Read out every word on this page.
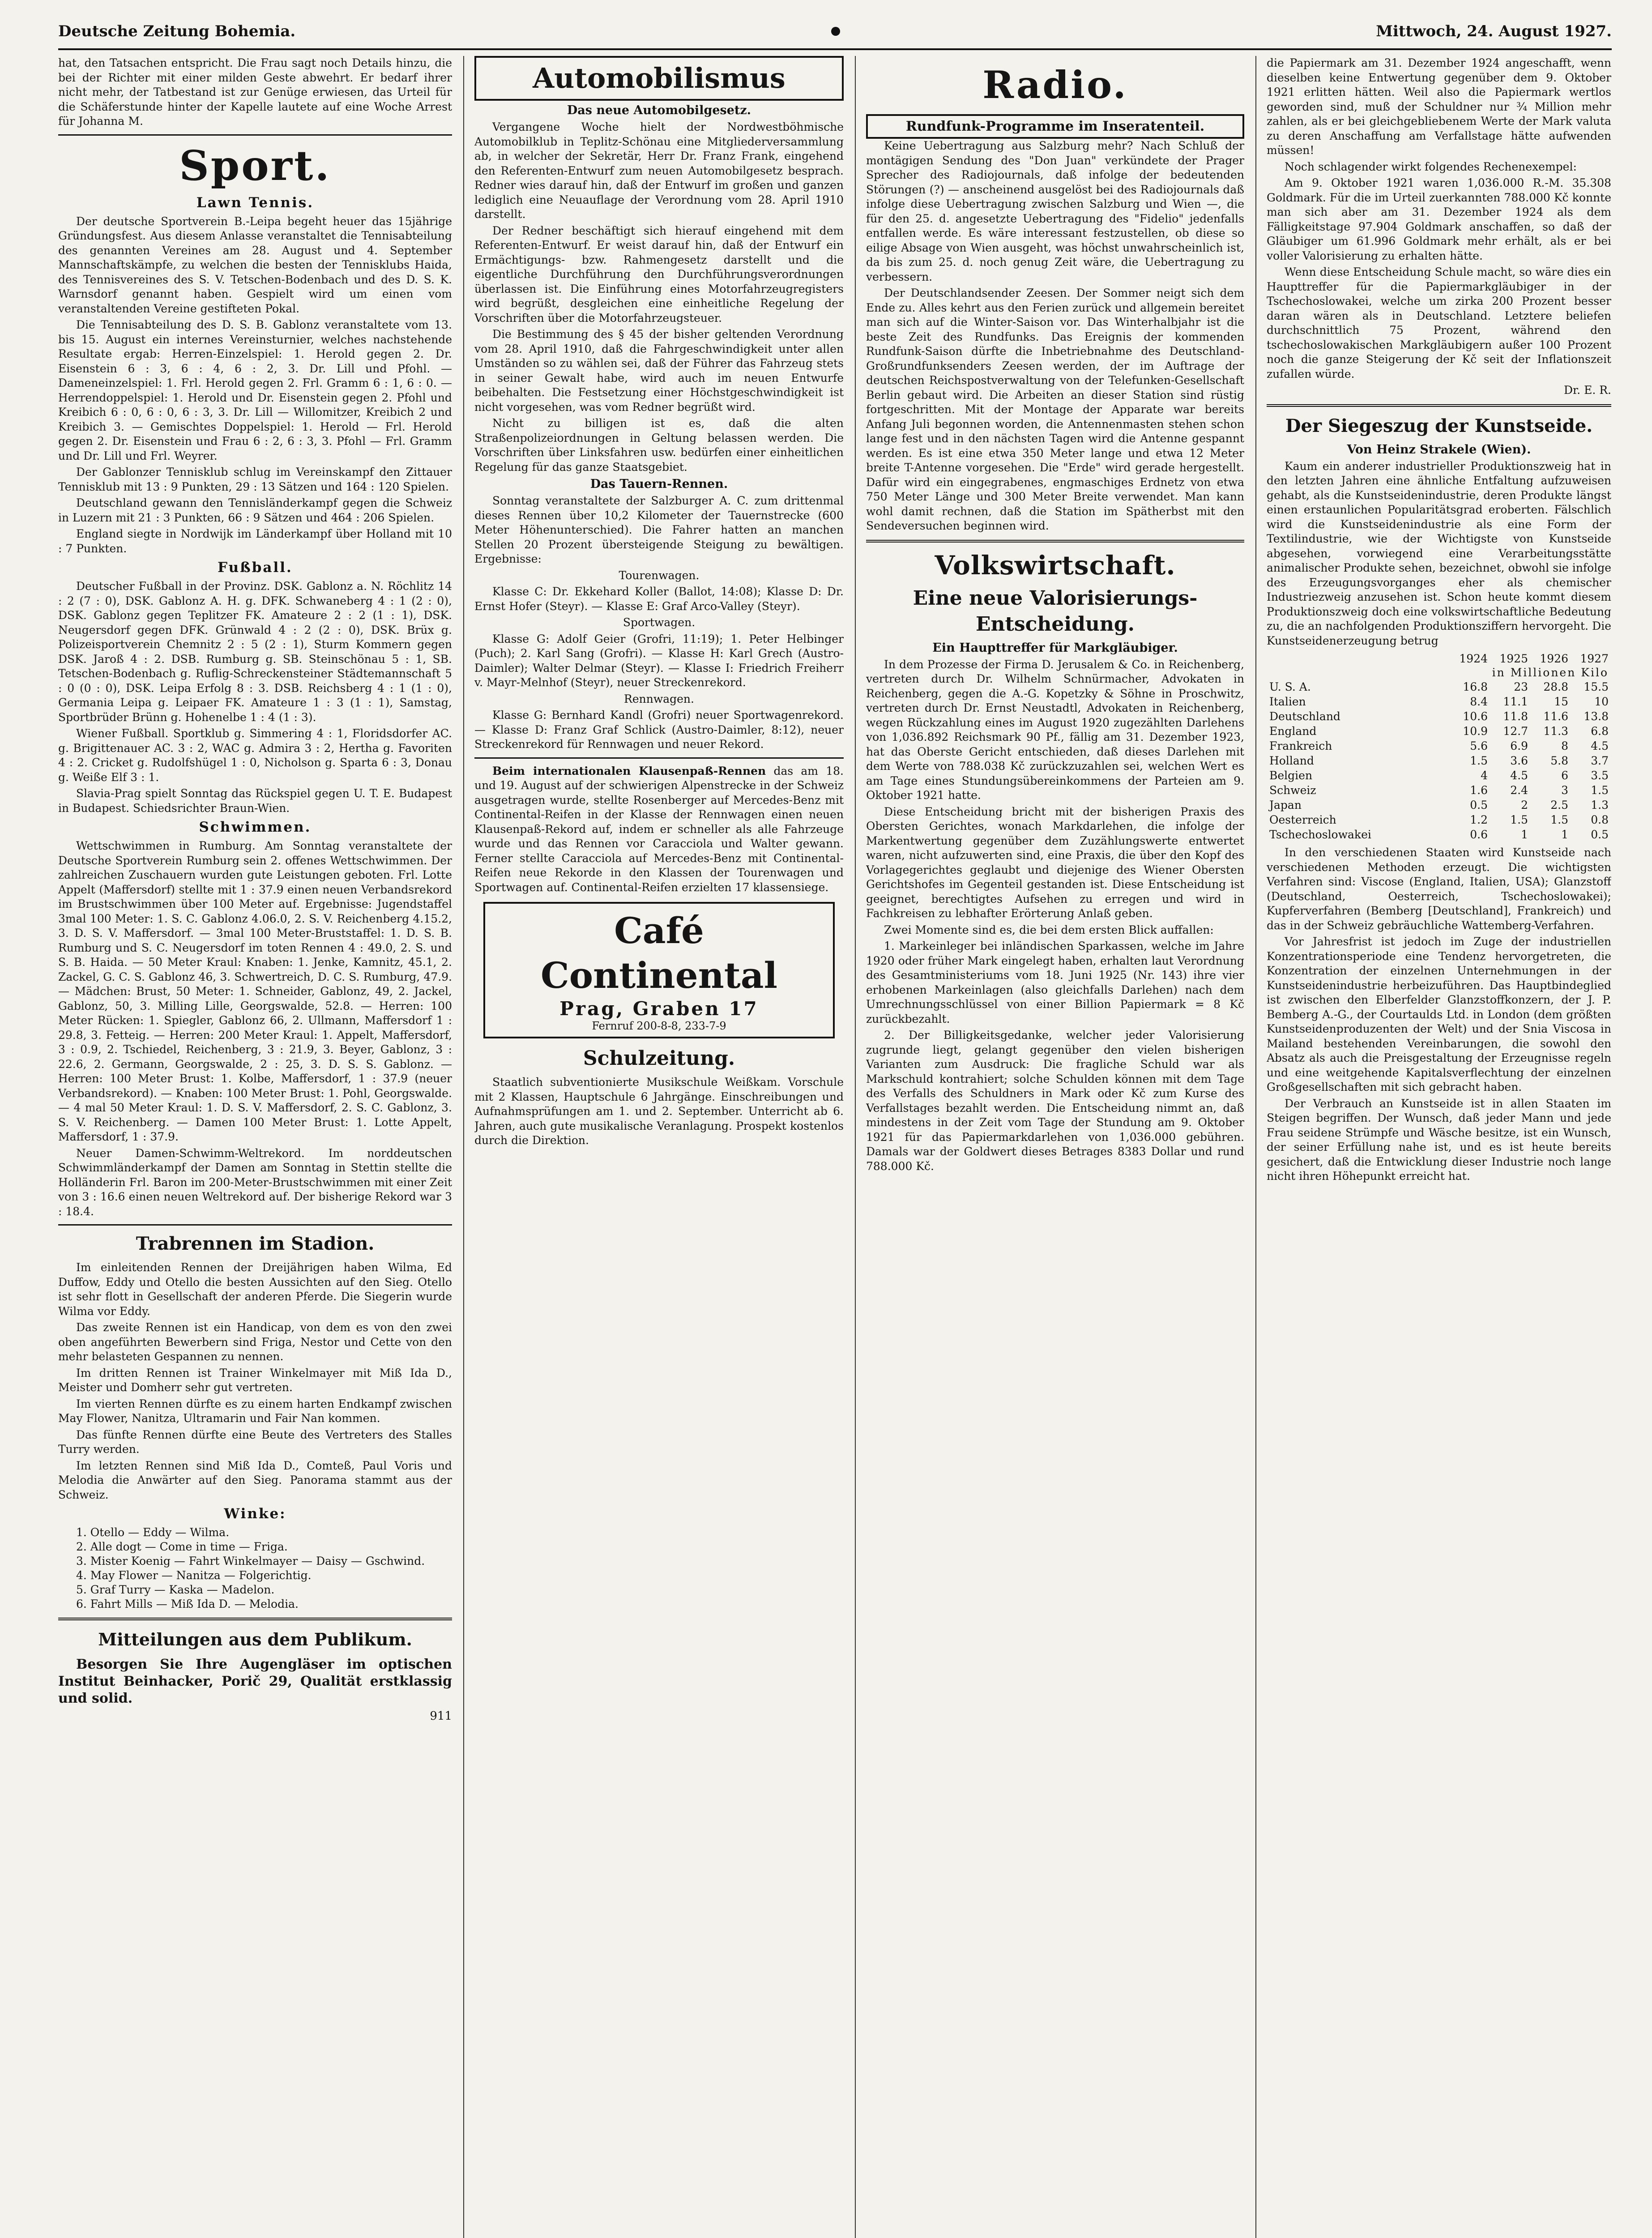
Deutsche Zeitung Bohemia.	Mittwoch, 24. August 1927.

hat, den Tatsachen entspricht. Die Frau sagt noch Details hinzu, die bei der Richter mit einer milden Geste abwehrt. Er bedarf ihrer nicht mehr, der Tatbestand ist zur Genüge erwiesen, das Urteil für die Schäferstunde hinter der Kapelle lautete auf eine Woche Arrest für Johanna M.

Sport.
Lawn Tennis.

Der deutsche Sportverein B.-Leipa begeht heuer das 15jährige Gründungsfest. Aus diesem Anlasse veranstaltet die Tennisabteilung des genannten Vereines am 28. August und 4. September Mannschaftskämpfe, zu welchen die besten der Tennisklubs Haida, des Tennisvereines des S. V. Tetschen-Bodenbach und des D. S. K. Warnsdorf genannt haben. Gespielt wird um einen vom veranstaltenden Vereine gestifteten Pokal.

Die Tennisabteilung des D. S. B. Gablonz veranstaltete vom 13. bis 15. August ein internes Vereinsturnier, welches nachstehende Resultate ergab: Herren-Einzelspiel: 1. Herold gegen 2. Dr. Eisenstein 6 : 3, 6 : 4, 6 : 2, 3. Dr. Lill und Pfohl. — Dameneinzelspiel: 1. Frl. Herold gegen 2. Frl. Gramm 6 : 1, 6 : 0. — Herrendoppelspiel: 1. Herold und Dr. Eisenstein gegen 2. Pfohl und Kreibich 6 : 0, 6 : 0, 6 : 3, 3. Dr. Lill — Willomitzer, Kreibich 2 und Kreibich 3. — Gemischtes Doppelspiel: 1. Herold — Frl. Herold gegen 2. Dr. Eisenstein und Frau 6 : 2, 6 : 3, 3. Pfohl — Frl. Gramm und Dr. Lill und Frl. Weyrer.

Der Gablonzer Tennisklub schlug im Vereinskampf den Zittauer Tennisklub mit 13 : 9 Punkten, 29 : 13 Sätzen und 164 : 120 Spielen.

Deutschland gewann den Tennisländerkampf gegen die Schweiz in Luzern mit 21 : 3 Punkten, 66 : 9 Sätzen und 464 : 206 Spielen.

England siegte in Nordwijk im Länderkampf über Holland mit 10 : 7 Punkten.

Fußball.

Deutscher Fußball in der Provinz. DSK. Gablonz a. N. Röchlitz 14 : 2 (7 : 0), DSK. Gablonz A. H. g. DFK. Schwaneberg 4 : 1 (2 : 0), DSK. Gablonz gegen Teplitzer FK. Amateure 2 : 2 (1 : 1), DSK. Neugersdorf gegen DFK. Grünwald 4 : 2 (2 : 0), DSK. Brüx g. Polizeisportverein Chemnitz 2 : 5 (2 : 1), Sturm Kommern gegen DSK. Jaroß 4 : 2. DSB. Rumburg g. SB. Steinschönau 5 : 1, SB. Tetschen-Bodenbach g. Ruflig-Schreckensteiner Städtemannschaft 5 : 0 (0 : 0), DSK. Leipa Erfolg 8 : 3. DSB. Reichsberg 4 : 1 (1 : 0), Germania Leipa g. Leipaer FK. Amateure 1 : 3 (1 : 1), Samstag, Sportbrüder Brünn g. Hohenelbe 1 : 4 (1 : 3).

Wiener Fußball. Sportklub g. Simmering 4 : 1, Floridsdorfer AC. g. Brigittenauer AC. 3 : 2, WAC g. Admira 3 : 2, Hertha g. Favoriten 4 : 2. Cricket g. Rudolfshügel 1 : 0, Nicholson g. Sparta 6 : 3, Donau g. Weiße Elf 3 : 1.

Slavia-Prag spielt Sonntag das Rückspiel gegen U. T. E. Budapest in Budapest. Schiedsrichter Braun-Wien.

Schwimmen.

Wettschwimmen in Rumburg. Am Sonntag veranstaltete der Deutsche Sportverein Rumburg sein 2. offenes Wettschwimmen. Der zahlreichen Zuschauern wurden gute Leistungen geboten. Frl. Lotte Appelt (Maffersdorf) stellte mit 1 : 37.9 einen neuen Verbandsrekord im Brustschwimmen über 100 Meter auf. Ergebnisse: Jugendstaffel 3mal 100 Meter: 1. S. C. Gablonz 4.06.0, 2. S. V. Reichenberg 4.15.2, 3. D. S. V. Maffersdorf. — 3mal 100 Meter-Bruststaffel: 1. D. S. B. Rumburg und S. C. Neugersdorf im toten Rennen 4 : 49.0, 2. S. und S. B. Haida. — 50 Meter Kraul: Knaben: 1. Jenke, Kamnitz, 45.1, 2. Zackel, G. C. S. Gablonz 46, 3. Schwertreich, D. C. S. Rumburg, 47.9. — Mädchen: Brust, 50 Meter: 1. Schneider, Gablonz, 49, 2. Jackel, Gablonz, 50, 3. Milling Lille, Georgswalde, 52.8. — Herren: 100 Meter Rücken: 1. Spiegler, Gablonz 66, 2. Ullmann, Maffersdorf 1 : 29.8, 3. Fetteig. — Herren: 200 Meter Kraul: 1. Appelt, Maffersdorf, 3 : 0.9, 2. Tschiedel, Reichenberg, 3 : 21.9, 3. Beyer, Gablonz, 3 : 22.6, 2. Germann, Georgswalde, 2 : 25, 3. D. S. S. Gablonz. — Herren: 100 Meter Brust: 1. Kolbe, Maffersdorf, 1 : 37.9 (neuer Verbandsrekord). — Knaben: 100 Meter Brust: 1. Pohl, Georgswalde. — 4 mal 50 Meter Kraul: 1. D. S. V. Maffersdorf, 2. S. C. Gablonz, 3. S. V. Reichenberg. — Damen 100 Meter Brust: 1. Lotte Appelt, Maffersdorf, 1 : 37.9.

Neuer Damen-Schwimm-Weltrekord. Im norddeutschen Schwimmländerkampf der Damen am Sonntag in Stettin stellte die Holländerin Frl. Baron im 200-Meter-Brustschwimmen mit einer Zeit von 3 : 16.6 einen neuen Weltrekord auf. Der bisherige Rekord war 3 : 18.4.

Trabrennen im Stadion.

Im einleitenden Rennen der Dreijährigen haben Wilma, Ed Duffow, Eddy und Otello die besten Aussichten auf den Sieg. Otello ist sehr flott in Gesellschaft der anderen Pferde. Die Siegerin wurde Wilma vor Eddy.

Das zweite Rennen ist ein Handicap, von dem es von den zwei oben angeführten Bewerbern sind Friga, Nestor und Cette von den mehr belasteten Gespannen zu nennen.

Im dritten Rennen ist Trainer Winkelmayer mit Miß Ida D., Meister und Domherr sehr gut vertreten.

Im vierten Rennen dürfte es zu einem harten Endkampf zwischen May Flower, Nanitza, Ultramarin und Fair Nan kommen.

Das fünfte Rennen dürfte eine Beute des Vertreters des Stalles Turry werden.

Im letzten Rennen sind Miß Ida D., Comteß, Paul Voris und Melodia die Anwärter auf den Sieg. Panorama stammt aus der Schweiz.

Winke:
1. Otello — Eddy — Wilma.
2. Alle dogt — Come in time — Friga.
3. Mister Koenig — Fahrt Winkelmayer — Daisy — Gschwind.
4. May Flower — Nanitza — Folgerichtig.
5. Graf Turry — Kaska — Madelon.
6. Fahrt Mills — Miß Ida D. — Melodia.
Mitteilungen aus dem Publikum.

Besorgen Sie Ihre Augengläser im optischen Institut Beinhacker, Porič 29, Qualität erstklassig und solid.

911

Automobilismus
Das neue Automobilgesetz.

Vergangene Woche hielt der Nordwestböhmische Automobilklub in Teplitz-Schönau eine Mitgliederversammlung ab, in welcher der Sekretär, Herr Dr. Franz Frank, eingehend den Referenten-Entwurf zum neuen Automobilgesetz besprach. Redner wies darauf hin, daß der Entwurf im großen und ganzen lediglich eine Neuauflage der Verordnung vom 28. April 1910 darstellt.

Der Redner beschäftigt sich hierauf eingehend mit dem Referenten-Entwurf. Er weist darauf hin, daß der Entwurf ein Ermächtigungs- bzw. Rahmengesetz darstellt und die eigentliche Durchführung den Durchführungsverordnungen überlassen ist. Die Einführung eines Motorfahrzeugregisters wird begrüßt, desgleichen eine einheitliche Regelung der Vorschriften über die Motorfahrzeugsteuer.

Die Bestimmung des § 45 der bisher geltenden Verordnung vom 28. April 1910, daß die Fahrgeschwindigkeit unter allen Umständen so zu wählen sei, daß der Führer das Fahrzeug stets in seiner Gewalt habe, wird auch im neuen Entwurfe beibehalten. Die Festsetzung einer Höchstgeschwindigkeit ist nicht vorgesehen, was vom Redner begrüßt wird.

Nicht zu billigen ist es, daß die alten Straßenpolizeiordnungen in Geltung belassen werden. Die Vorschriften über Linksfahren usw. bedürfen einer einheitlichen Regelung für das ganze Staatsgebiet.

Das Tauern-Rennen.

Sonntag veranstaltete der Salzburger A. C. zum drittenmal dieses Rennen über 10,2 Kilometer der Tauernstrecke (600 Meter Höhenunterschied). Die Fahrer hatten an manchen Stellen 20 Prozent übersteigende Steigung zu bewältigen. Ergebnisse:

Tourenwagen.

Klasse C: Dr. Ekkehard Koller (Ballot, 14:08); Klasse D: Dr. Ernst Hofer (Steyr). — Klasse E: Graf Arco-Valley (Steyr).

Sportwagen.

Klasse G: Adolf Geier (Grofri, 11:19); 1. Peter Helbinger (Puch); 2. Karl Sang (Grofri). — Klasse H: Karl Grech (Austro-Daimler); Walter Delmar (Steyr). — Klasse I: Friedrich Freiherr v. Mayr-Melnhof (Steyr), neuer Streckenrekord.

Rennwagen.

Klasse G: Bernhard Kandl (Grofri) neuer Sportwagenrekord. — Klasse D: Franz Graf Schlick (Austro-Daimler, 8:12), neuer Streckenrekord für Rennwagen und neuer Rekord.

Beim internationalen Klausenpaß-Rennen das am 18. und 19. August auf der schwierigen Alpenstrecke in der Schweiz ausgetragen wurde, stellte Rosenberger auf Mercedes-Benz mit Continental-Reifen in der Klasse der Rennwagen einen neuen Klausenpaß-Rekord auf, indem er schneller als alle Fahrzeuge wurde und das Rennen vor Caracciola und Walter gewann. Ferner stellte Caracciola auf Mercedes-Benz mit Continental-Reifen neue Rekorde in den Klassen der Tourenwagen und Sportwagen auf. Continental-Reifen erzielten 17 klassensiege.

Café Continental
Prag, Graben 17
Fernruf 200-8-8, 233-7-9
Schulzeitung.

Staatlich subventionierte Musikschule Weißkam. Vorschule mit 2 Klassen, Hauptschule 6 Jahrgänge. Einschreibungen und Aufnahmsprüfungen am 1. und 2. September. Unterricht ab 6. Jahren, auch gute musikalische Veranlagung. Prospekt kostenlos durch die Direktion.

Radio.
Rundfunk-Programme im Inseratenteil.

Keine Uebertragung aus Salzburg mehr? Nach Schluß der montägigen Sendung des "Don Juan" verkündete der Prager Sprecher des Radiojournals, daß infolge der bedeutenden Störungen (?) — anscheinend ausgelöst bei des Radiojournals daß infolge diese Uebertragung zwischen Salzburg und Wien —, die für den 25. d. angesetzte Uebertragung des "Fidelio" jedenfalls entfallen werde. Es wäre interessant festzustellen, ob diese so eilige Absage von Wien ausgeht, was höchst unwahrscheinlich ist, da bis zum 25. d. noch genug Zeit wäre, die Uebertragung zu verbessern.

Der Deutschlandsender Zeesen. Der Sommer neigt sich dem Ende zu. Alles kehrt aus den Ferien zurück und allgemein bereitet man sich auf die Winter-Saison vor. Das Winterhalbjahr ist die beste Zeit des Rundfunks. Das Ereignis der kommenden Rundfunk-Saison dürfte die Inbetriebnahme des Deutschland-Großrundfunksenders Zeesen werden, der im Auftrage der deutschen Reichspostverwaltung von der Telefunken-Gesellschaft Berlin gebaut wird. Die Arbeiten an dieser Station sind rüstig fortgeschritten. Mit der Montage der Apparate war bereits Anfang Juli begonnen worden, die Antennenmasten stehen schon lange fest und in den nächsten Tagen wird die Antenne gespannt werden. Es ist eine etwa 350 Meter lange und etwa 12 Meter breite T-Antenne vorgesehen. Die "Erde" wird gerade hergestellt. Dafür wird ein eingegrabenes, engmaschiges Erdnetz von etwa 750 Meter Länge und 300 Meter Breite verwendet. Man kann wohl damit rechnen, daß die Station im Spätherbst mit den Sendeversuchen beginnen wird.

Volkswirtschaft.
Eine neue Valorisierungs-Entscheidung.
Ein Haupttreffer für Markgläubiger.

In dem Prozesse der Firma D. Jerusalem & Co. in Reichenberg, vertreten durch Dr. Wilhelm Schnürmacher, Advokaten in Reichenberg, gegen die A.-G. Kopetzky & Söhne in Proschwitz, vertreten durch Dr. Ernst Neustadtl, Advokaten in Reichenberg, wegen Rückzahlung eines im August 1920 zugezählten Darlehens von 1,036.892 Reichsmark 90 Pf., fällig am 31. Dezember 1923, hat das Oberste Gericht entschieden, daß dieses Darlehen mit dem Werte von 788.038 Kč zurückzuzahlen sei, welchen Wert es am Tage eines Stundungsübereinkommens der Parteien am 9. Oktober 1921 hatte.

Diese Entscheidung bricht mit der bisherigen Praxis des Obersten Gerichtes, wonach Markdarlehen, die infolge der Markentwertung gegenüber dem Zuzählungswerte entwertet waren, nicht aufzuwerten sind, eine Praxis, die über den Kopf des Vorlagegerichtes geglaubt und diejenige des Wiener Obersten Gerichtshofes im Gegenteil gestanden ist. Diese Entscheidung ist geeignet, berechtigtes Aufsehen zu erregen und wird in Fachkreisen zu lebhafter Erörterung Anlaß geben.

Zwei Momente sind es, die bei dem ersten Blick auffallen:

1. Markeinleger bei inländischen Sparkassen, welche im Jahre 1920 oder früher Mark eingelegt haben, erhalten laut Verordnung des Gesamtministeriums vom 18. Juni 1925 (Nr. 143) ihre vier erhobenen Markeinlagen (also gleichfalls Darlehen) nach dem Umrechnungsschlüssel von einer Billion Papiermark = 8 Kč zurückbezahlt.

2. Der Billigkeitsgedanke, welcher jeder Valorisierung zugrunde liegt, gelangt gegenüber den vielen bisherigen Varianten zum Ausdruck: Die fragliche Schuld war als Markschuld kontrahiert; solche Schulden können mit dem Tage des Verfalls des Schuldners in Mark oder Kč zum Kurse des Verfallstages bezahlt werden. Die Entscheidung nimmt an, daß mindestens in der Zeit vom Tage der Stundung am 9. Oktober 1921 für das Papiermarkdarlehen von 1,036.000 gebühren. Damals war der Goldwert dieses Betrages 8383 Dollar und rund 788.000 Kč.

die Papiermark am 31. Dezember 1924 angeschafft, wenn dieselben keine Entwertung gegenüber dem 9. Oktober 1921 erlitten hätten. Weil also die Papiermark wertlos geworden sind, muß der Schuldner nur ¾ Million mehr zahlen, als er bei gleichgebliebenem Werte der Mark valuta zu deren Anschaffung am Verfallstage hätte aufwenden müssen!

Noch schlagender wirkt folgendes Rechenexempel:

Am 9. Oktober 1921 waren 1,036.000 R.-M. 35.308 Goldmark. Für die im Urteil zuerkannten 788.000 Kč konnte man sich aber am 31. Dezember 1924 als dem Fälligkeitstage 97.904 Goldmark anschaffen, so daß der Gläubiger um 61.996 Goldmark mehr erhält, als er bei voller Valorisierung zu erhalten hätte.

Wenn diese Entscheidung Schule macht, so wäre dies ein Haupttreffer für die Papiermarkgläubiger in der Tschechoslowakei, welche um zirka 200 Prozent besser daran wären als in Deutschland. Letztere beliefen durchschnittlich 75 Prozent, während den tschechoslowakischen Markgläubigern außer 100 Prozent noch die ganze Steigerung der Kč seit der Inflationszeit zufallen würde.

Dr. E. R.

Der Siegeszug der Kunstseide.
Von Heinz Strakele (Wien).

Kaum ein anderer industrieller Produktionszweig hat in den letzten Jahren eine ähnliche Entfaltung aufzuweisen gehabt, als die Kunstseidenindustrie, deren Produkte längst einen erstaunlichen Popularitätsgrad eroberten. Fälschlich wird die Kunstseidenindustrie als eine Form der Textilindustrie, wie der Wichtigste von Kunstseide abgesehen, vorwiegend eine Verarbeitungsstätte animalischer Produkte sehen, bezeichnet, obwohl sie infolge des Erzeugungsvorganges eher als chemischer Industriezweig anzusehen ist. Schon heute kommt diesem Produktionszweig doch eine volkswirtschaftliche Bedeutung zu, die an nachfolgenden Produktionsziffern hervorgeht. Die Kunstseidenerzeugung betrug

	1924	1925	1926	1927
in Millionen Kilo				
U. S. A.	16.8	23	28.8	15.5
Italien	8.4	11.1	15	10
Deutschland	10.6	11.8	11.6	13.8
England	10.9	12.7	11.3	6.8
Frankreich	5.6	6.9	8	4.5
Holland	1.5	3.6	5.8	3.7
Belgien	4	4.5	6	3.5
Schweiz	1.6	2.4	3	1.5
Japan	0.5	2	2.5	1.3
Oesterreich	1.2	1.5	1.5	0.8
Tschechoslowakei	0.6	1	1	0.5

In den verschiedenen Staaten wird Kunstseide nach verschiedenen Methoden erzeugt. Die wichtigsten Verfahren sind: Viscose (England, Italien, USA); Glanzstoff (Deutschland, Oesterreich, Tschechoslowakei); Kupferverfahren (Bemberg [Deutschland], Frankreich) und das in der Schweiz gebräuchliche Wattemberg-Verfahren.

Vor Jahresfrist ist jedoch im Zuge der industriellen Konzentrationsperiode eine Tendenz hervorgetreten, die Konzentration der einzelnen Unternehmungen in der Kunstseidenindustrie herbeizuführen. Das Hauptbindeglied ist zwischen den Elberfelder Glanzstoffkonzern, der J. P. Bemberg A.-G., der Courtaulds Ltd. in London (dem größten Kunstseidenproduzenten der Welt) und der Snia Viscosa in Mailand bestehenden Vereinbarungen, die sowohl den Absatz als auch die Preisgestaltung der Erzeugnisse regeln und eine weitgehende Kapitalsverflechtung der einzelnen Großgesellschaften mit sich gebracht haben.

Der Verbrauch an Kunstseide ist in allen Staaten im Steigen begriffen. Der Wunsch, daß jeder Mann und jede Frau seidene Strümpfe und Wäsche besitze, ist ein Wunsch, der seiner Erfüllung nahe ist, und es ist heute bereits gesichert, daß die Entwicklung dieser Industrie noch lange nicht ihren Höhepunkt erreicht hat.
